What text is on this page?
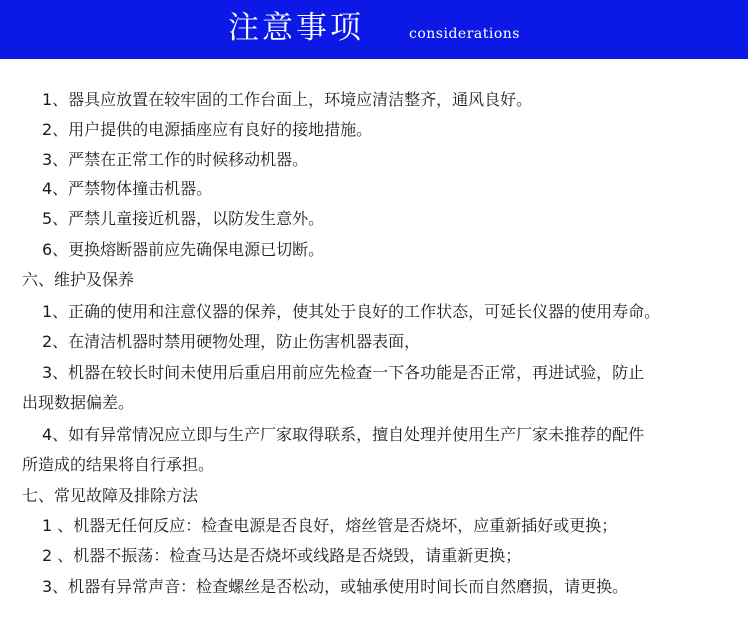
注意事项	considerations
1、器具应放置在较牢固的工作台面上，环境应清洁整齐，通风良好。
2、用户提供的电源插座应有良好的接地措施。
3、严禁在正常工作的时候移动机器。
4、严禁物体撞击机器。
5、严禁儿童接近机器，以防发生意外。
6、更换熔断器前应先确保电源已切断。
六、维护及保养
1、正确的使用和注意仪器的保养，使其处于良好的工作状态，可延长仪器的使用寿命。
2、在清洁机器时禁用硬物处理，防止伤害机器表面，
3、机器在较长时间未使用后重启用前应先检查一下各功能是否正常，再进试验，防止
出现数据偏差。
4、如有异常情况应立即与生产厂家取得联系，擅自处理并使用生产厂家未推荐的配件
所造成的结果将自行承担。
七、常见故障及排除方法
1 、机器无任何反应：检查电源是否良好，熔丝管是否烧坏，应重新插好或更换；
2 、机器不振荡：检查马达是否烧坏或线路是否烧毁，请重新更换；
3、机器有异常声音：检查螺丝是否松动，或轴承使用时间长而自然磨损，请更换。
